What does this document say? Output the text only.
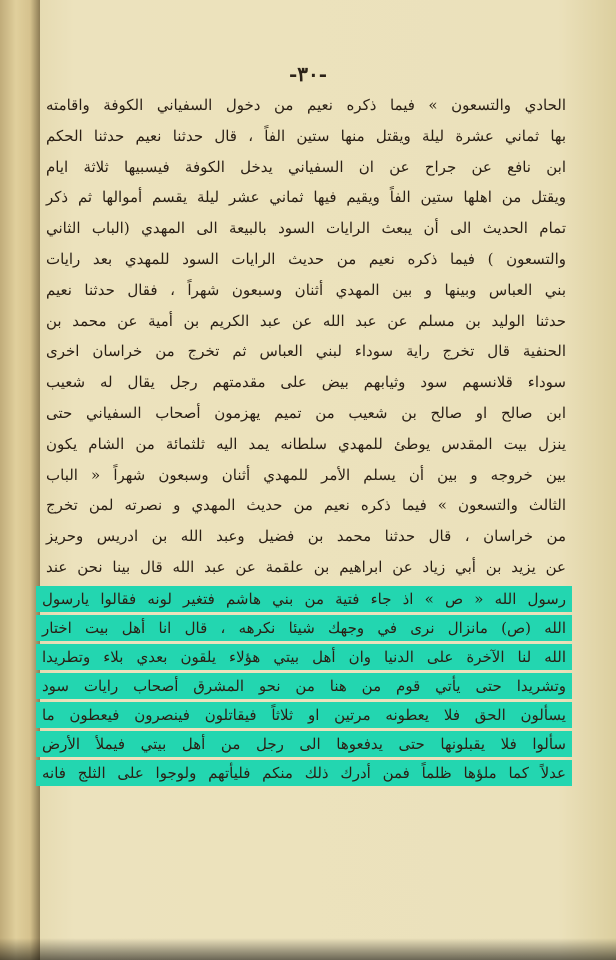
-٣٠-
الحادي والتسعون » فيما ذكره نعيم من دخول السفياني الكوفة واقامته
بها ثماني عشرة ليلة ويقتل منها ستين الفاً ، قال حدثنا نعيم حدثنا الحكم
ابن نافع عن جراح عن ان السفياني يدخل الكوفة فيسبيها ثلاثة ايام
ويقتل من اهلها ستين الفاً ويقيم فيها ثماني عشر ليلة يقسم أموالها ثم ذكر
تمام الحديث الى أن يبعث الرايات السود بالبيعة الى المهدي (الباب الثاني
والتسعون ) فيما ذكره نعيم من حديث الرايات السود للمهدي بعد رايات
بني العباس وبينها و بين المهدي أثنان وسبعون شهراً ، فقال حدثنا نعيم
حدثنا الوليد بن مسلم عن عبد الله عن عبد الكريم بن أمية عن محمد بن
الحنفية قال تخرج راية سوداء لبني العباس ثم تخرج من خراسان اخرى
سوداء قلانسهم سود وثيابهم بيض على مقدمتهم رجل يقال له شعيب
ابن صالح او صالح بن شعيب من تميم يهزمون أصحاب السفياني حتى
ينزل بيت المقدس يوطئ للمهدي سلطانه يمد اليه ثلثمائة من الشام يكون
بين خروجه و بين أن يسلم الأمر للمهدي أثنان وسبعون شهراً « الباب
الثالث والتسعون » فيما ذكره نعيم من حديث المهدي و نصرته لمن تخرج
من خراسان ، قال حدثنا محمد بن فضيل وعبد الله بن ادريس وحريز
عن يزيد بن أبي زياد عن ابراهيم بن علقمة عن عبد الله قال بينا نحن عند
رسول الله « ص » اذ جاء فتية من بني هاشم فتغير لونه فقالوا يارسول
الله (ص) مانزال نرى في وجهك شيئا نكرهه ، قال انا أهل بيت اختار
الله لنا الآخرة على الدنيا وان أهل بيتي هؤلاء يلقون بعدي بلاء وتطريدا
وتشريدا حتى يأتي قوم من هنا من نحو المشرق أصحاب رايات سود
يسألون الحق فلا يعطونه مرتين او ثلاثاً فيقاتلون فينصرون فيعطون ما
سألوا فلا يقبلونها حتى يدفعوها الى رجل من أهل بيتي فيملأ الأرض
عدلاً كما ملؤها ظلماً فمن أدرك ذلك منكم فليأتهم ولوجوا على الثلج فانه
